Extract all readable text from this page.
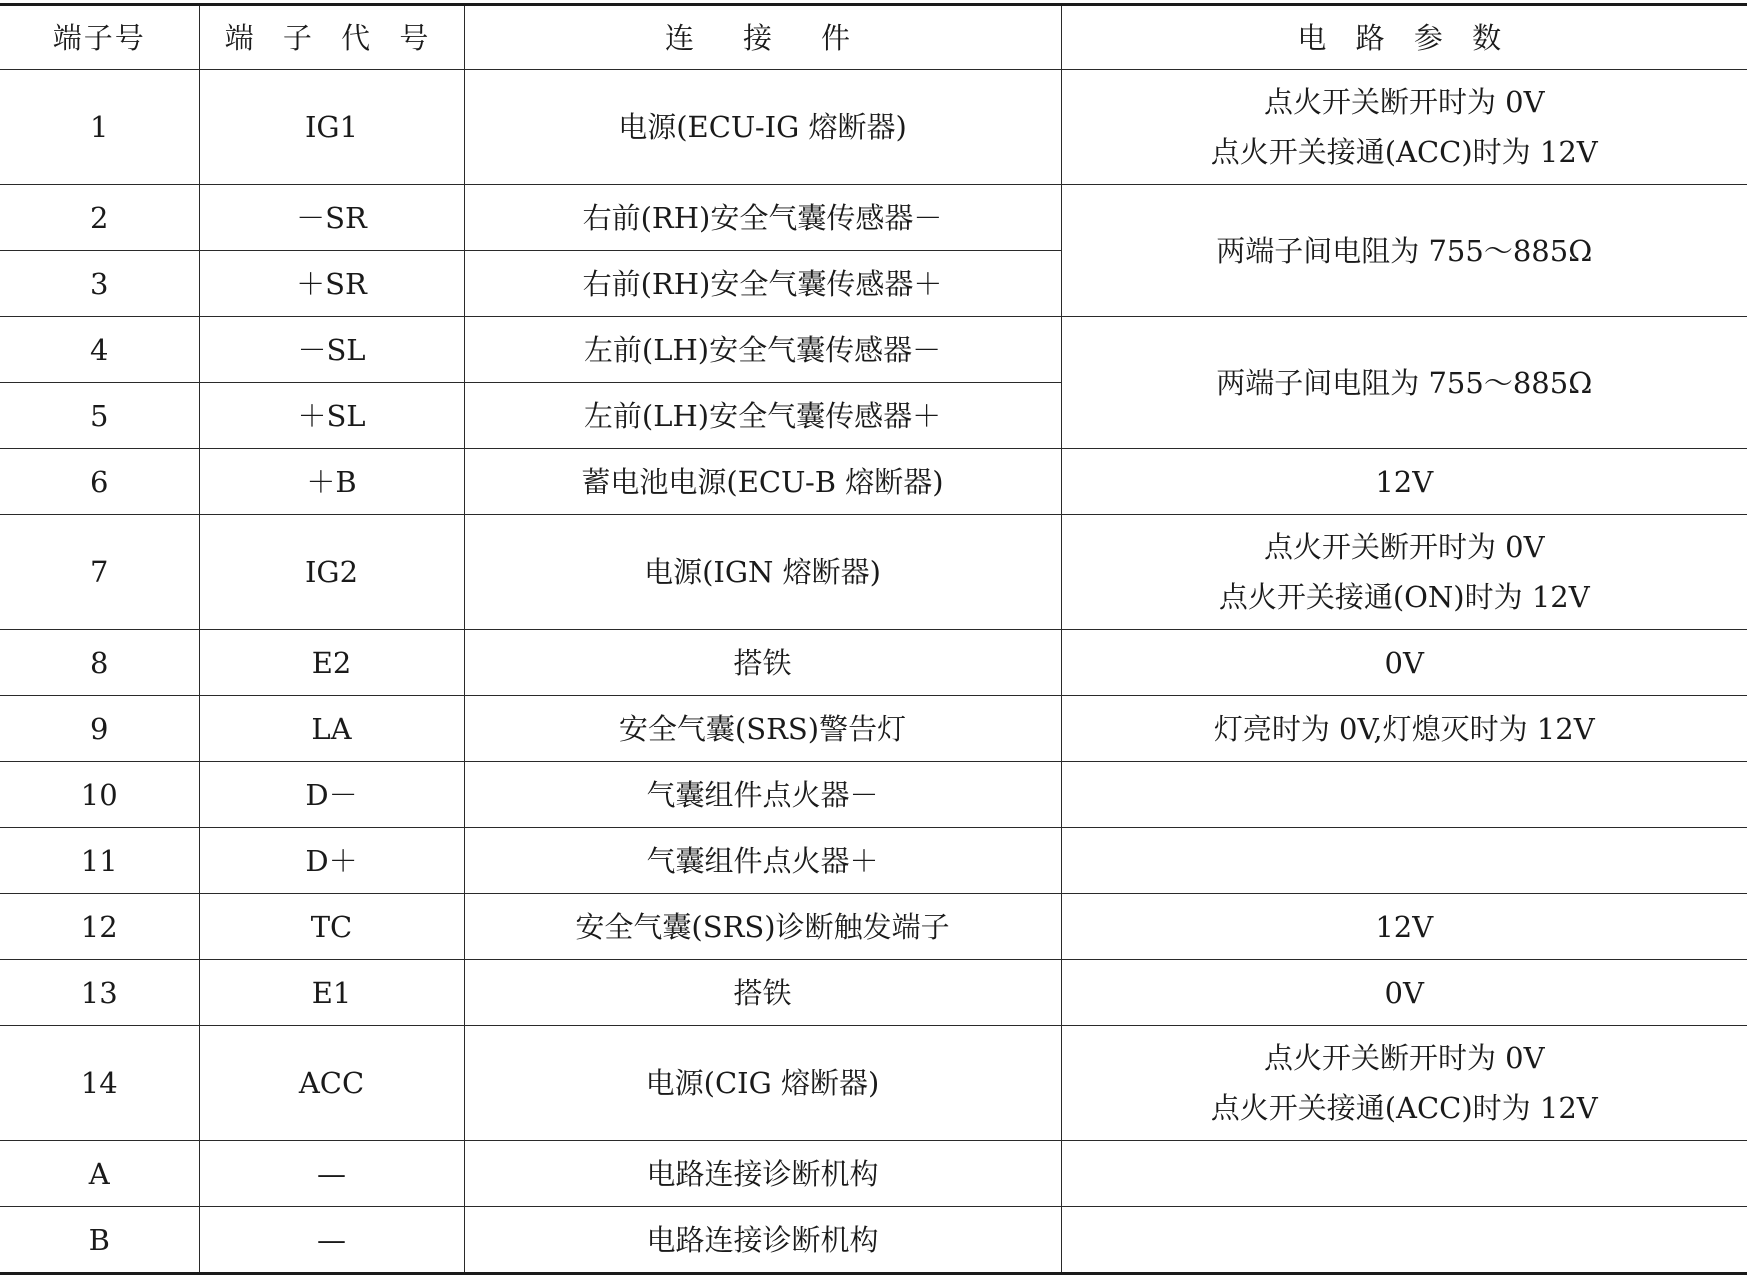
端子号	端 子 代 号	连　接　件	电 路 参 数
1	IG1	电源(ECU-IG 熔断器)	点火开关断开时为 0V
点火开关接通(ACC)时为 12V

2	－SR	右前(RH)安全气囊传感器－	两端子间电阻为 755～885Ω
3	＋SR	右前(RH)安全气囊传感器＋	
4	－SL	左前(LH)安全气囊传感器－	两端子间电阻为 755～885Ω
5	＋SL	左前(LH)安全气囊传感器＋	
6	＋B	蓄电池电源(ECU-B 熔断器)	12V
7	IG2	电源(IGN 熔断器)	点火开关断开时为 0V
点火开关接通(ON)时为 12V

8	E2	搭铁	0V
9	LA	安全气囊(SRS)警告灯	灯亮时为 0V,灯熄灭时为 12V
10	D－	气囊组件点火器－	
11	D＋	气囊组件点火器＋	
12	TC	安全气囊(SRS)诊断触发端子	12V
13	E1	搭铁	0V
14	ACC	电源(CIG 熔断器)	点火开关断开时为 0V
点火开关接通(ACC)时为 12V

A	—	电路连接诊断机构	
B	—	电路连接诊断机构	
